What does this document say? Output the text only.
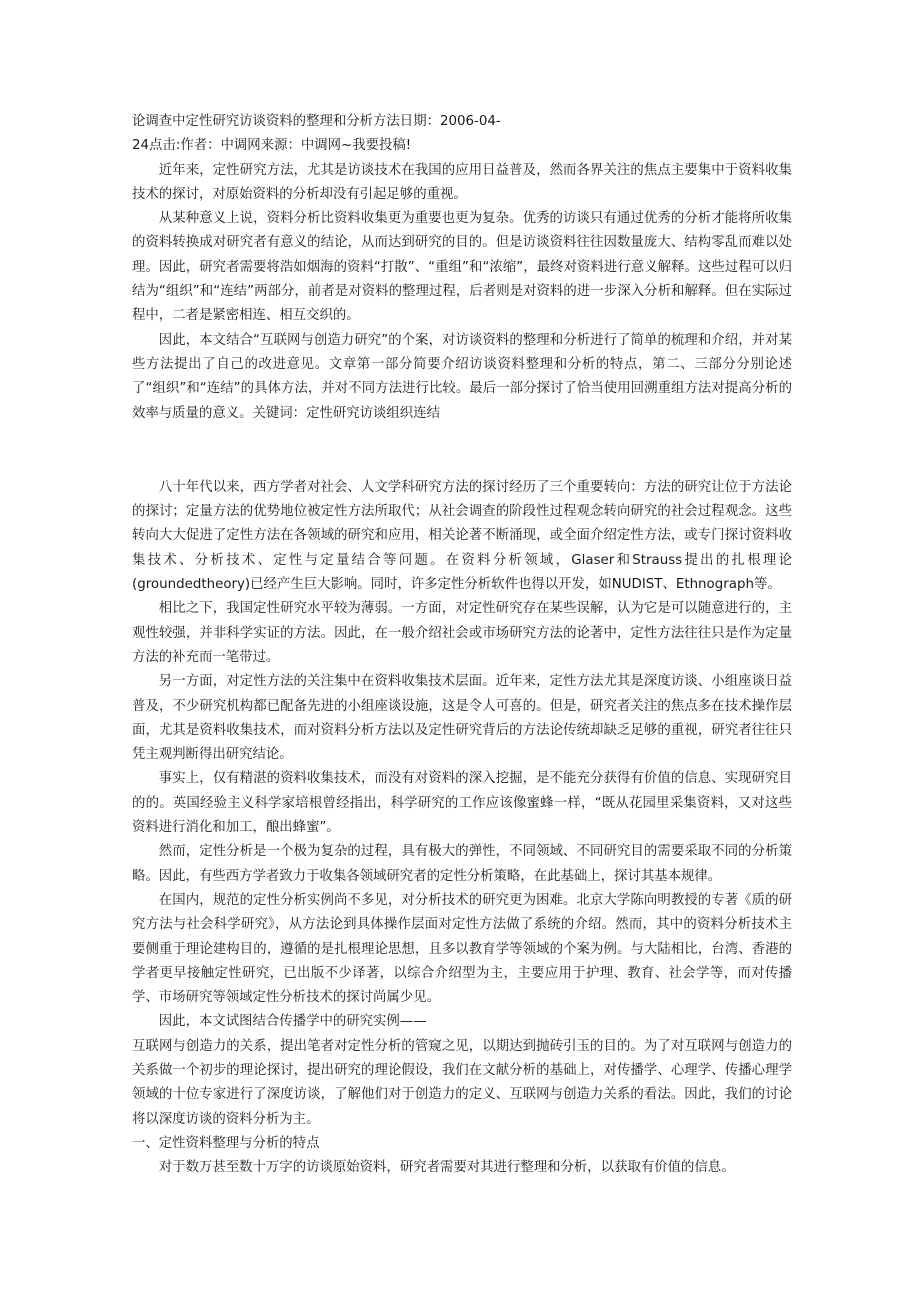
论调查中定性研究访谈资料的整理和分析方法日期：2006-04-

24点击:作者：中调网来源：中调网~我要投稿!

近年来，定性研究方法，尤其是访谈技术在我国的应用日益普及，然而各界关注的焦点主要集中于资料收集技术的探讨，对原始资料的分析却没有引起足够的重视。

从某种意义上说，资料分析比资料收集更为重要也更为复杂。优秀的访谈只有通过优秀的分析才能将所收集的资料转换成对研究者有意义的结论，从而达到研究的目的。但是访谈资料往往因数量庞大、结构零乱而难以处理。因此，研究者需要将浩如烟海的资料“打散”、“重组”和“浓缩”，最终对资料进行意义解释。这些过程可以归结为“组织”和“连结”两部分，前者是对资料的整理过程，后者则是对资料的进一步深入分析和解释。但在实际过程中，二者是紧密相连、相互交织的。

因此，本文结合“互联网与创造力研究”的个案，对访谈资料的整理和分析进行了简单的梳理和介绍，并对某些方法提出了自己的改进意见。文章第一部分简要介绍访谈资料整理和分析的特点，第二、三部分分别论述了“组织”和“连结”的具体方法，并对不同方法进行比较。最后一部分探讨了恰当使用回溯重组方法对提高分析的效率与质量的意义。关键词：定性研究访谈组织连结

八十年代以来，西方学者对社会、人文学科研究方法的探讨经历了三个重要转向：方法的研究让位于方法论的探讨；定量方法的优势地位被定性方法所取代；从社会调查的阶段性过程观念转向研究的社会过程观念。这些转向大大促进了定性方法在各领域的研究和应用，相关论著不断涌现，或全面介绍定性方法，或专门探讨资料收集技术、分析技术、定性与定量结合等问题。在资料分析领域，Glaser和Strauss提出的扎根理论(groundedtheory)已经产生巨大影响。同时，许多定性分析软件也得以开发，如NUDIST、Ethnograph等。

相比之下，我国定性研究水平较为薄弱。一方面，对定性研究存在某些误解，认为它是可以随意进行的，主观性较强，并非科学实证的方法。因此，在一般介绍社会或市场研究方法的论著中，定性方法往往只是作为定量方法的补充而一笔带过。

另一方面，对定性方法的关注集中在资料收集技术层面。近年来，定性方法尤其是深度访谈、小组座谈日益普及，不少研究机构都已配备先进的小组座谈设施，这是令人可喜的。但是，研究者关注的焦点多在技术操作层面，尤其是资料收集技术，而对资料分析方法以及定性研究背后的方法论传统却缺乏足够的重视，研究者往往只凭主观判断得出研究结论。

事实上，仅有精湛的资料收集技术，而没有对资料的深入挖掘，是不能充分获得有价值的信息、实现研究目的的。英国经验主义科学家培根曾经指出，科学研究的工作应该像蜜蜂一样，“既从花园里采集资料，又对这些资料进行消化和加工，酿出蜂蜜”。

然而，定性分析是一个极为复杂的过程，具有极大的弹性，不同领域、不同研究目的需要采取不同的分析策略。因此，有些西方学者致力于收集各领域研究者的定性分析策略，在此基础上，探讨其基本规律。

在国内，规范的定性分析实例尚不多见，对分析技术的研究更为困难。北京大学陈向明教授的专著《质的研究方法与社会科学研究》，从方法论到具体操作层面对定性方法做了系统的介绍。然而，其中的资料分析技术主要侧重于理论建构目的，遵循的是扎根理论思想，且多以教育学等领域的个案为例。与大陆相比，台湾、香港的学者更早接触定性研究，已出版不少译著，以综合介绍型为主，主要应用于护理、教育、社会学等，而对传播学、市场研究等领域定性分析技术的探讨尚属少见。

因此，本文试图结合传播学中的研究实例——

互联网与创造力的关系，提出笔者对定性分析的管窥之见，以期达到抛砖引玉的目的。为了对互联网与创造力的关系做一个初步的理论探讨，提出研究的理论假设，我们在文献分析的基础上，对传播学、心理学、传播心理学领域的十位专家进行了深度访谈，了解他们对于创造力的定义、互联网与创造力关系的看法。因此，我们的讨论将以深度访谈的资料分析为主。

一、定性资料整理与分析的特点

对于数万甚至数十万字的访谈原始资料，研究者需要对其进行整理和分析，以获取有价值的信息。
